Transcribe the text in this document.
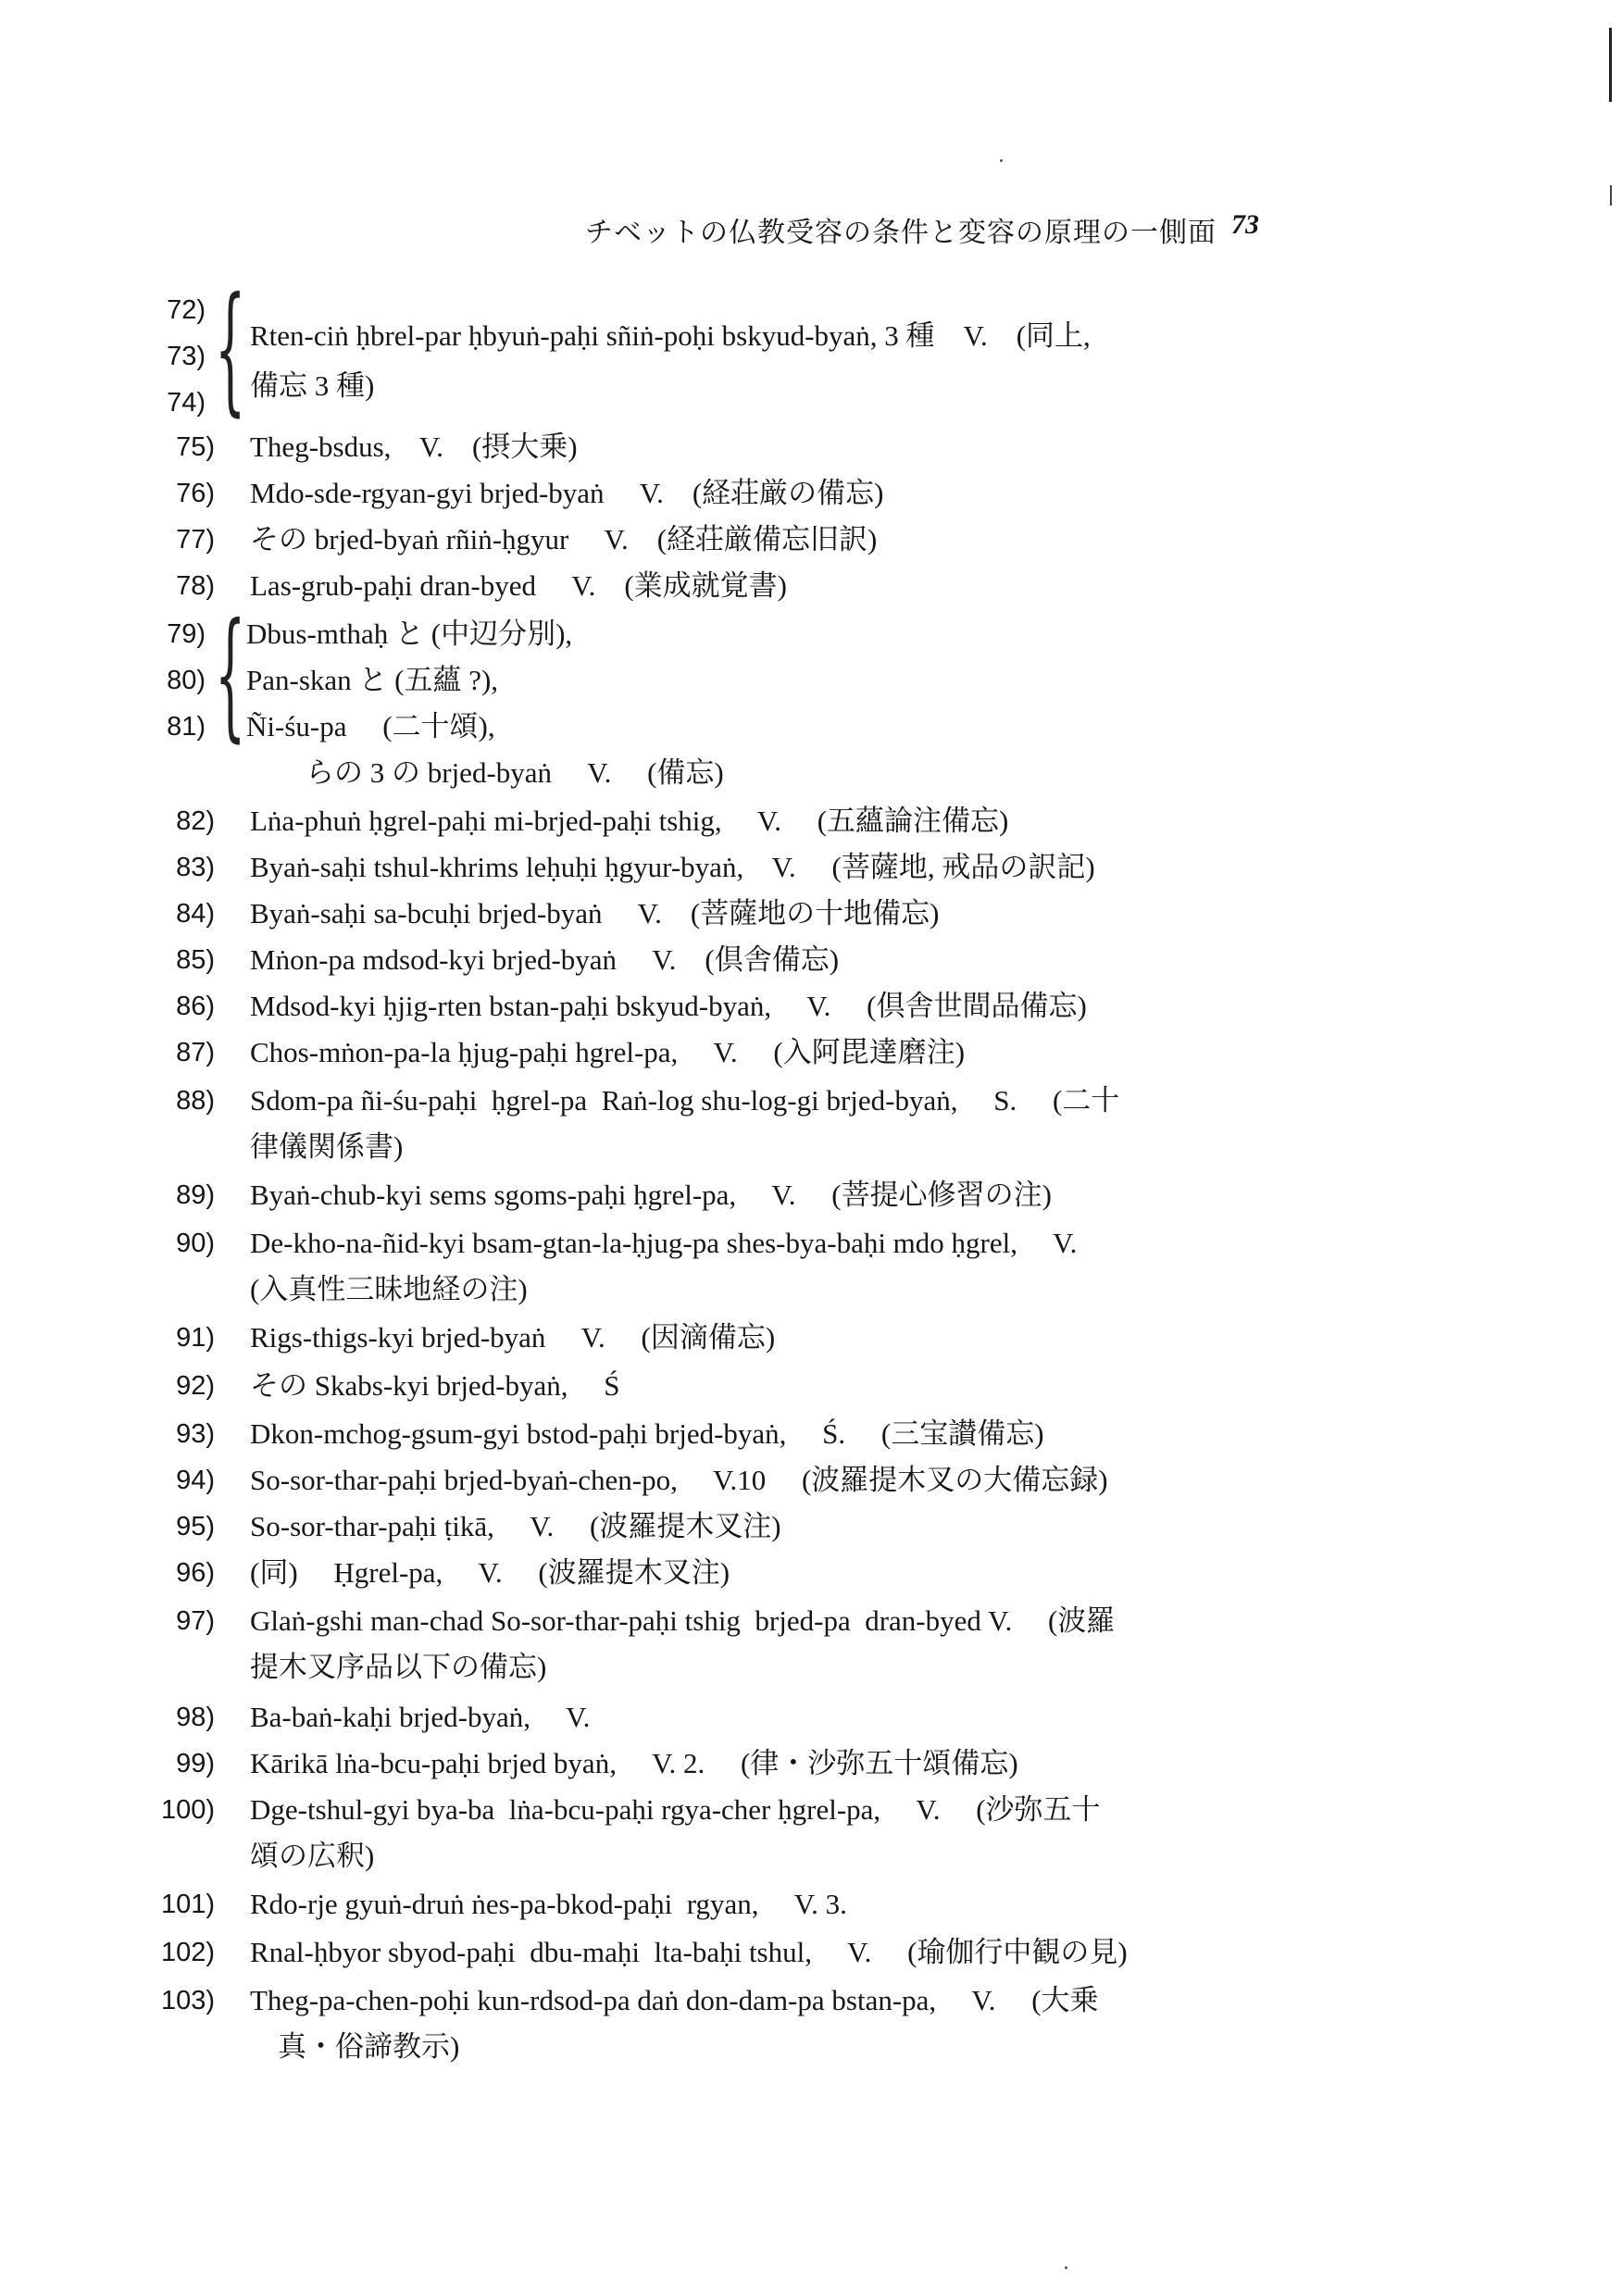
チベットの仏教受容の条件と変容の原理の一側面 73
72)
73)
74) { Rten-ciṅ ḥbrel-par ḥbyuṅ-paḥi sñiṅ-poḥi bskyud-byaṅ, 3 種    V.    (同上,
備忘 3 種)
75) Theg-bsdus,    V.    (摂大乗)
76) Mdo-sde-rgyan-gyi brjed-byaṅ     V.    (経荘厳の備忘)
77) その brjed-byaṅ rñiṅ-ḥgyur     V.    (経荘厳備忘旧訳)
78) Las-grub-paḥi dran-byed     V.    (業成就覚書)
79)
80)
81) { Dbus-mthaḥ と (中辺分別),
Pan-skan と (五蘊 ?),
Ñi-śu-pa     (二十頌),
らの 3 の brjed-byaṅ     V.     (備忘)
82) Lṅa-phuṅ ḥgrel-paḥi mi-brjed-paḥi tshig,     V.     (五蘊論注備忘)
83) Byaṅ-saḥi tshul-khrims leḥuḥi ḥgyur-byaṅ,    V.     (菩薩地, 戒品の訳記)
84) Byaṅ-saḥi sa-bcuḥi brjed-byaṅ     V.    (菩薩地の十地備忘)
85) Mṅon-pa mdsod-kyi brjed-byaṅ     V.    (倶舎備忘)
86) Mdsod-kyi ḥjig-rten bstan-paḥi bskyud-byaṅ,     V.     (倶舎世間品備忘)
87) Chos-mṅon-pa-la ḥjug-paḥi hgrel-pa,     V.     (入阿毘達磨注)
88) Sdom-pa ñi-śu-paḥi  ḥgrel-pa  Raṅ-log shu-log-gi brjed-byaṅ,     S.     (二十
律儀関係書)
89) Byaṅ-chub-kyi sems sgoms-paḥi ḥgrel-pa,     V.     (菩提心修習の注)
90) De-kho-na-ñid-kyi bsam-gtan-la-ḥjug-pa shes-bya-baḥi mdo ḥgrel,     V.
(入真性三昧地経の注)
91) Rigs-thigs-kyi brjed-byaṅ     V.     (因滴備忘)
92) その Skabs-kyi brjed-byaṅ,     Ś
93) Dkon-mchog-gsum-gyi bstod-paḥi brjed-byaṅ,     Ś.     (三宝讃備忘)
94) So-sor-thar-paḥi brjed-byaṅ-chen-po,     V.10     (波羅提木叉の大備忘録)
95) So-sor-thar-paḥi ṭikā,     V.     (波羅提木叉注)
96) (同)     Ḥgrel-pa,     V.     (波羅提木叉注)
97) Glaṅ-gshi man-chad So-sor-thar-paḥi tshig  brjed-pa  dran-byed V.     (波羅
提木叉序品以下の備忘)
98) Ba-baṅ-kaḥi brjed-byaṅ,     V.
99) Kārikā lṅa-bcu-paḥi brjed byaṅ,     V. 2.     (律・沙弥五十頌備忘)
100) Dge-tshul-gyi bya-ba  lṅa-bcu-paḥi rgya-cher ḥgrel-pa,     V.     (沙弥五十
頌の広釈)
101) Rdo-rje gyuṅ-druṅ ṅes-pa-bkod-paḥi  rgyan,     V. 3.
102) Rnal-ḥbyor sbyod-paḥi  dbu-maḥi  lta-baḥi tshul,     V.     (瑜伽行中観の見)
103) Theg-pa-chen-poḥi kun-rdsod-pa daṅ don-dam-pa bstan-pa,     V.     (大乗
真・俗諦教示)
